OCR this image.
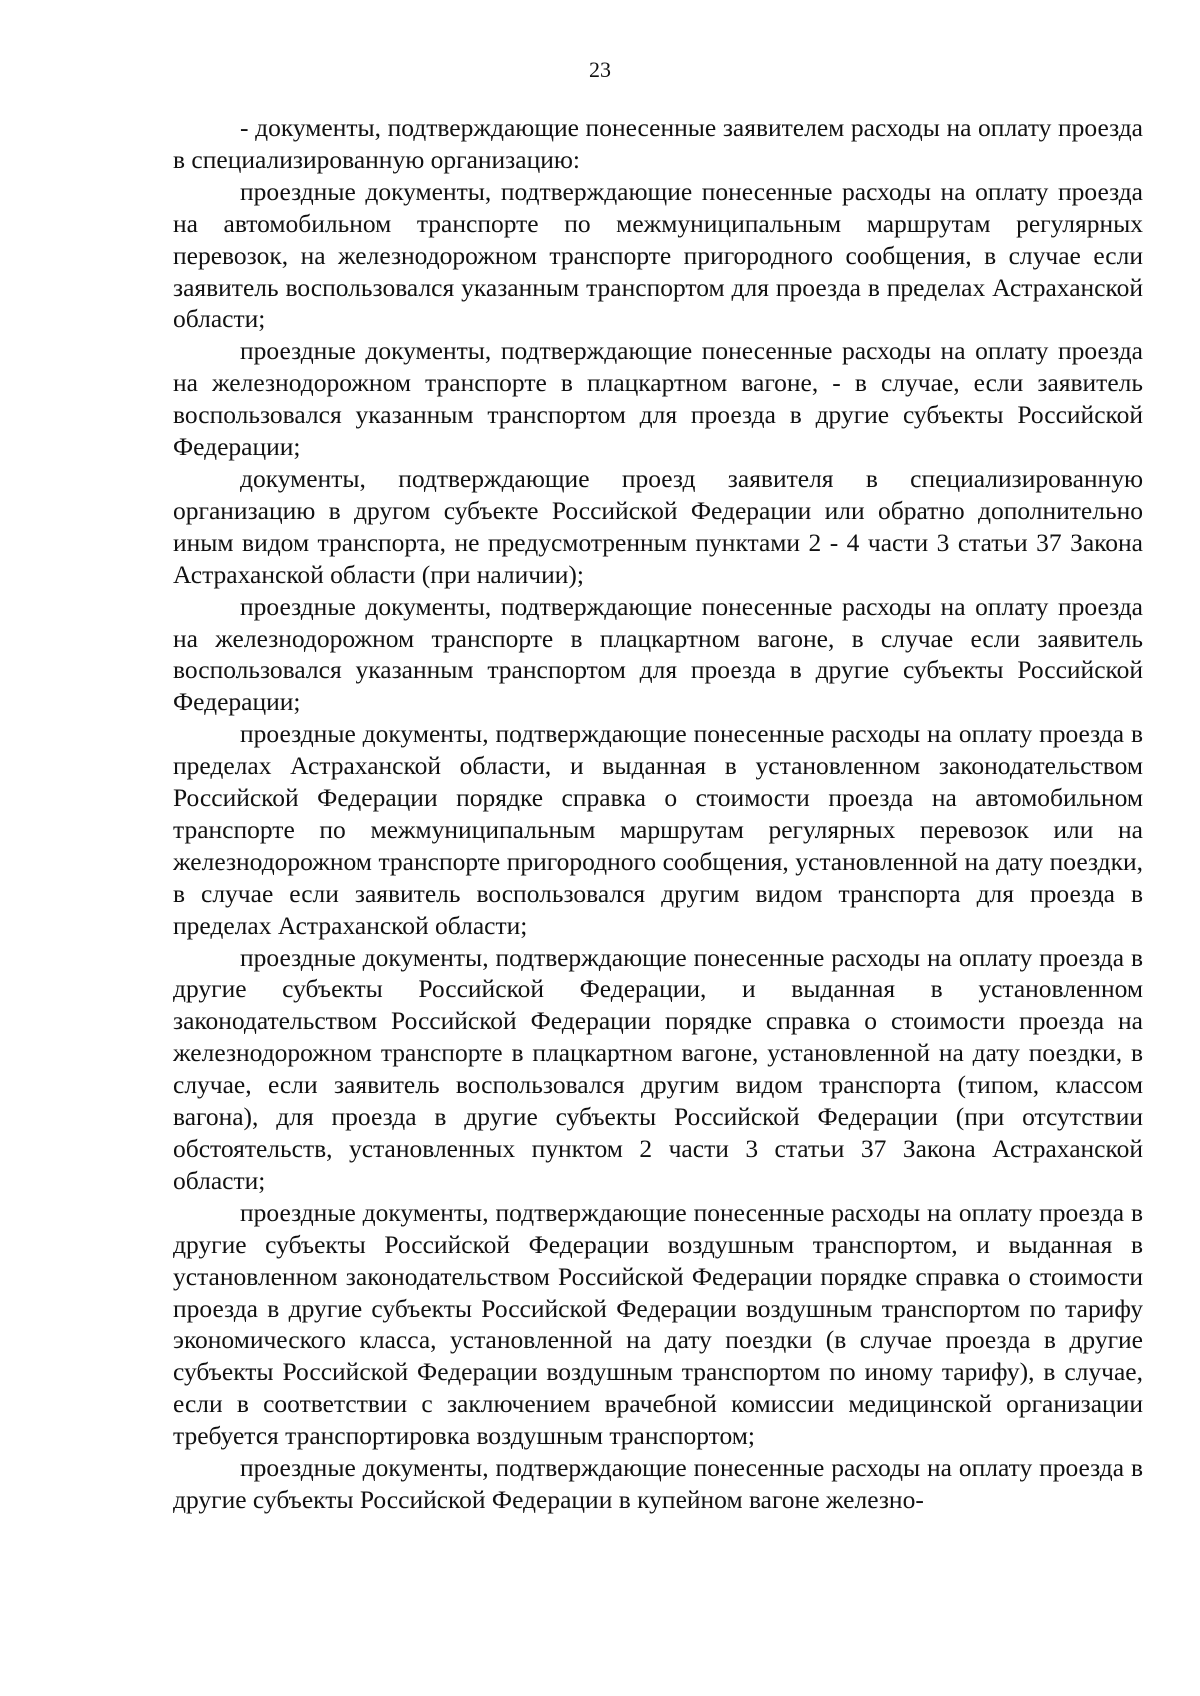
23

- документы, подтверждающие понесенные заявителем расходы на оплату проезда в специализированную организацию:

проездные документы, подтверждающие понесенные расходы на оплату проезда на автомобильном транспорте по межмуниципальным маршрутам регулярных перевозок, на железнодорожном транспорте пригородного сообщения, в случае если заявитель воспользовался указанным транспортом для проезда в пределах Астраханской области;

проездные документы, подтверждающие понесенные расходы на оплату проезда на железнодорожном транспорте в плацкартном вагоне, - в случае, если заявитель воспользовался указанным транспортом для проезда в другие субъекты Российской Федерации;

документы, подтверждающие проезд заявителя в специализированную организацию в другом субъекте Российской Федерации или обратно дополнительно иным видом транспорта, не предусмотренным пунктами 2 - 4 части 3 статьи 37 Закона Астраханской области (при наличии);

проездные документы, подтверждающие понесенные расходы на оплату проезда на железнодорожном транспорте в плацкартном вагоне, в случае если заявитель воспользовался указанным транспортом для проезда в другие субъекты Российской Федерации;

проездные документы, подтверждающие понесенные расходы на оплату проезда в пределах Астраханской области, и выданная в установленном законодательством Российской Федерации порядке справка о стоимости проезда на автомобильном транспорте по межмуниципальным маршрутам регулярных перевозок или на железнодорожном транспорте пригородного сообщения, установленной на дату поездки, в случае если заявитель воспользовался другим видом транспорта для проезда в пределах Астраханской области;

проездные документы, подтверждающие понесенные расходы на оплату проезда в другие субъекты Российской Федерации, и выданная в установленном законодательством Российской Федерации порядке справка о стоимости проезда на железнодорожном транспорте в плацкартном вагоне, установленной на дату поездки, в случае, если заявитель воспользовался другим видом транспорта (типом, классом вагона), для проезда в другие субъекты Российской Федерации (при отсутствии обстоятельств, установленных пунктом 2 части 3 статьи 37 Закона Астраханской области;

проездные документы, подтверждающие понесенные расходы на оплату проезда в другие субъекты Российской Федерации воздушным транспортом, и выданная в установленном законодательством Российской Федерации порядке справка о стоимости проезда в другие субъекты Российской Федерации воздушным транспортом по тарифу экономического класса, установленной на дату поездки (в случае проезда в другие субъекты Российской Федерации воздушным транспортом по иному тарифу), в случае, если в соответствии с заключением врачебной комиссии медицинской организации требуется транспортировка воздушным транспортом;

проездные документы, подтверждающие понесенные расходы на оплату проезда в другие субъекты Российской Федерации в купейном вагоне железно-
